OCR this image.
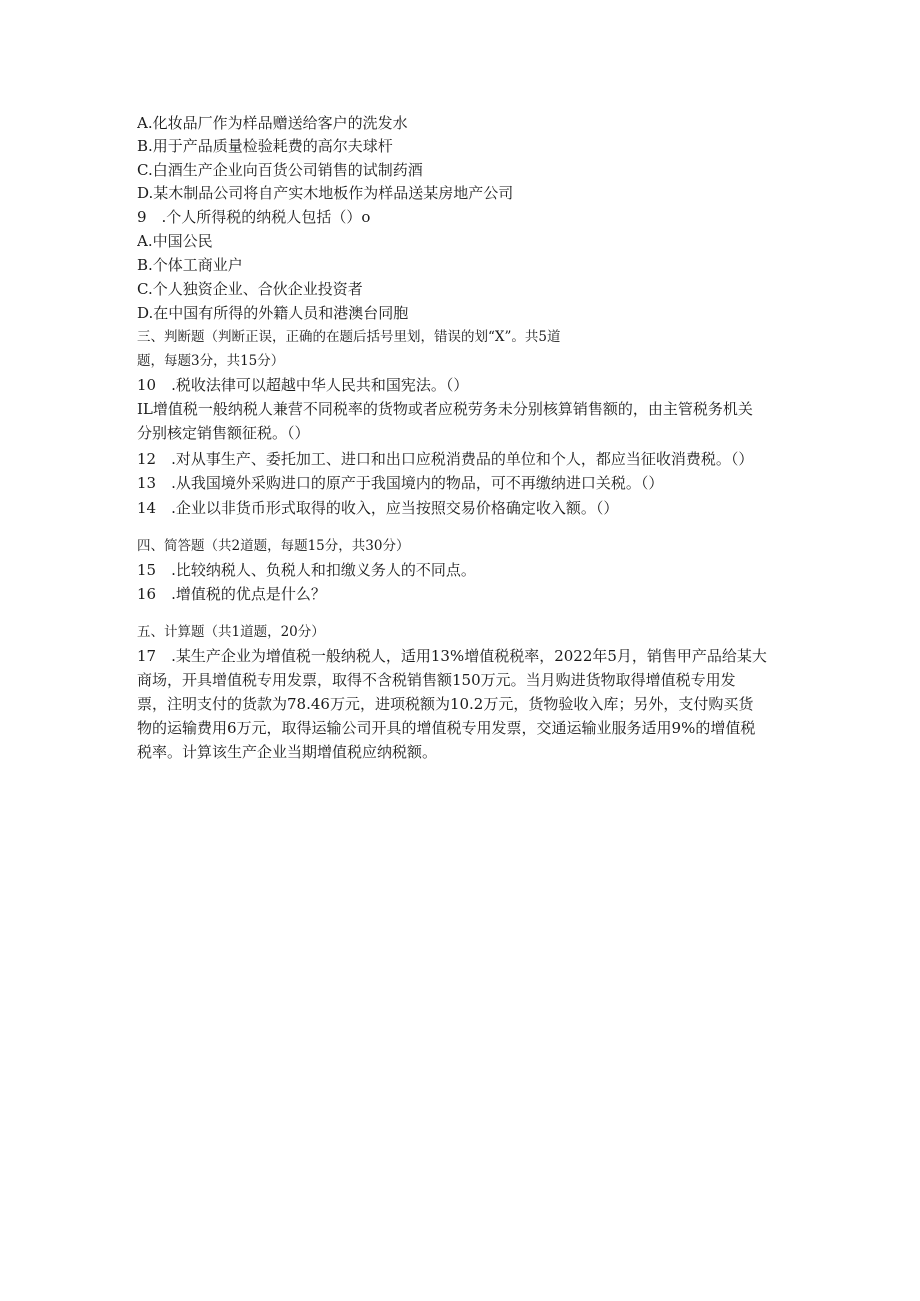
A.化妆品厂作为样品赠送给客户的洗发水
B.用于产品质量检验耗费的高尔夫球杆
C.白酒生产企业向百货公司销售的试制药酒
D.某木制品公司将自产实木地板作为样品送某房地产公司
9　.个人所得税的纳税人包括（）o
A.中国公民
B.个体工商业户
C.个人独资企业、合伙企业投资者
D.在中国有所得的外籍人员和港澳台同胞
三、判断题（判断正误，正确的在题后括号里划，错误的划“X”。共5道
题，每题3分，共15分）
10　.税收法律可以超越中华人民共和国宪法。（）
IL增值税一般纳税人兼营不同税率的货物或者应税劳务未分别核算销售额的，由主管税务机关
分别核定销售额征税。（）
12　.对从事生产、委托加工、进口和出口应税消费品的单位和个人，都应当征收消费税。（）
13　.从我国境外采购进口的原产于我国境内的物品，可不再缴纳进口关税。（）
14　.企业以非货币形式取得的收入，应当按照交易价格确定收入额。（）
四、简答题（共2道题，每题15分，共30分）
15　.比较纳税人、负税人和扣缴义务人的不同点。
16　.增值税的优点是什么？
五、计算题（共1道题，20分）
17　.某生产企业为增值税一般纳税人，适用13%增值税税率，2022年5月，销售甲产品给某大
商场，开具增值税专用发票，取得不含税销售额150万元。当月购进货物取得增值税专用发
票，注明支付的货款为78.46万元，进项税额为10.2万元，货物验收入库；另外，支付购买货
物的运输费用6万元，取得运输公司开具的增值税专用发票，交通运输业服务适用9%的增值税
税率。计算该生产企业当期增值税应纳税额。
